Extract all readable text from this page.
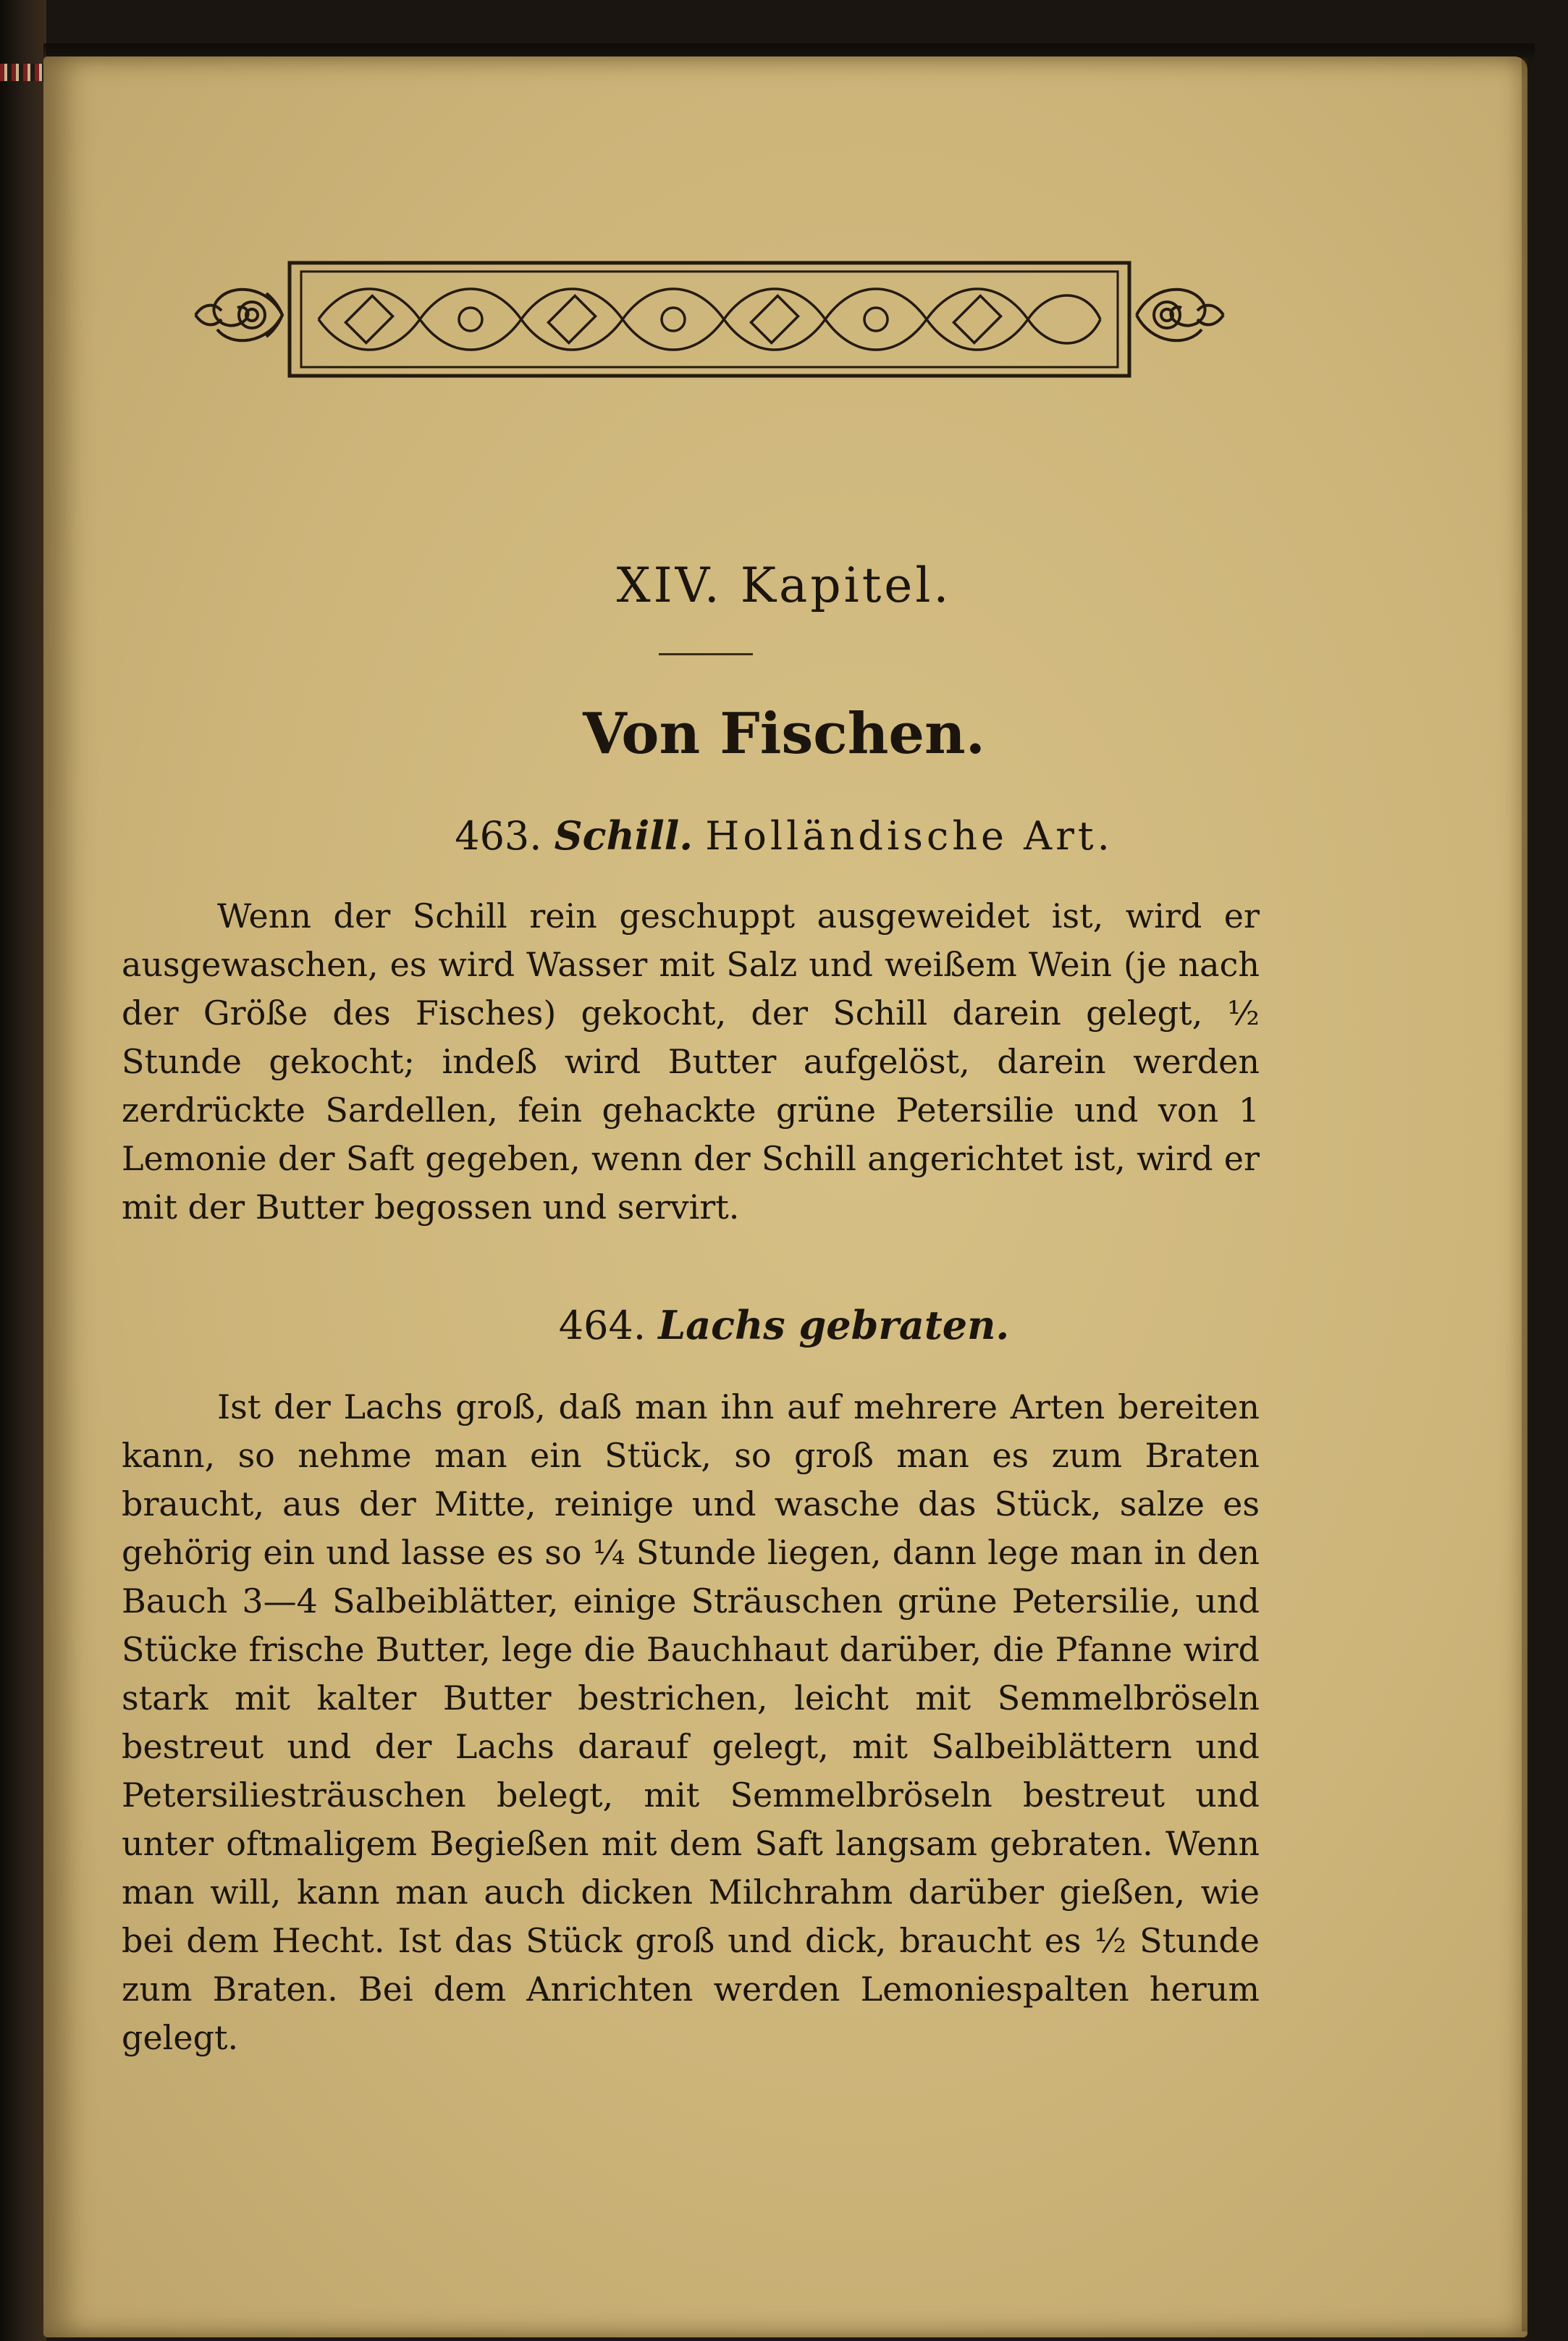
XIV. Kapitel.
Von Fischen.
463. Schill. Holländische Art.

Wenn der Schill rein geschuppt ausgeweidet ist, wird er ausgewaschen, es wird Wasser mit Salz und weißem Wein (je nach der Größe des Fisches) gekocht, der Schill darein gelegt, ½ Stunde gekocht; indeß wird Butter aufgelöst, darein werden zerdrückte Sardellen, fein gehackte grüne Petersilie und von 1 Lemonie der Saft gegeben, wenn der Schill angerichtet ist, wird er mit der Butter begossen und servirt.

464. Lachs gebraten.

Ist der Lachs groß, daß man ihn auf mehrere Arten bereiten kann, so nehme man ein Stück, so groß man es zum Braten braucht, aus der Mitte, reinige und wasche das Stück, salze es gehörig ein und lasse es so ¼ Stunde liegen, dann lege man in den Bauch 3—4 Salbeiblätter, einige Sträuschen grüne Petersilie, und Stücke frische Butter, lege die Bauchhaut darüber, die Pfanne wird stark mit kalter Butter bestrichen, leicht mit Semmelbröseln bestreut und der Lachs darauf gelegt, mit Salbeiblättern und Petersiliesträuschen belegt, mit Semmelbröseln bestreut und unter oftmaligem Begießen mit dem Saft langsam gebraten. Wenn man will, kann man auch dicken Milchrahm darüber gießen, wie bei dem Hecht. Ist das Stück groß und dick, braucht es ½ Stunde zum Braten. Bei dem Anrichten werden Lemoniespalten herum gelegt.
